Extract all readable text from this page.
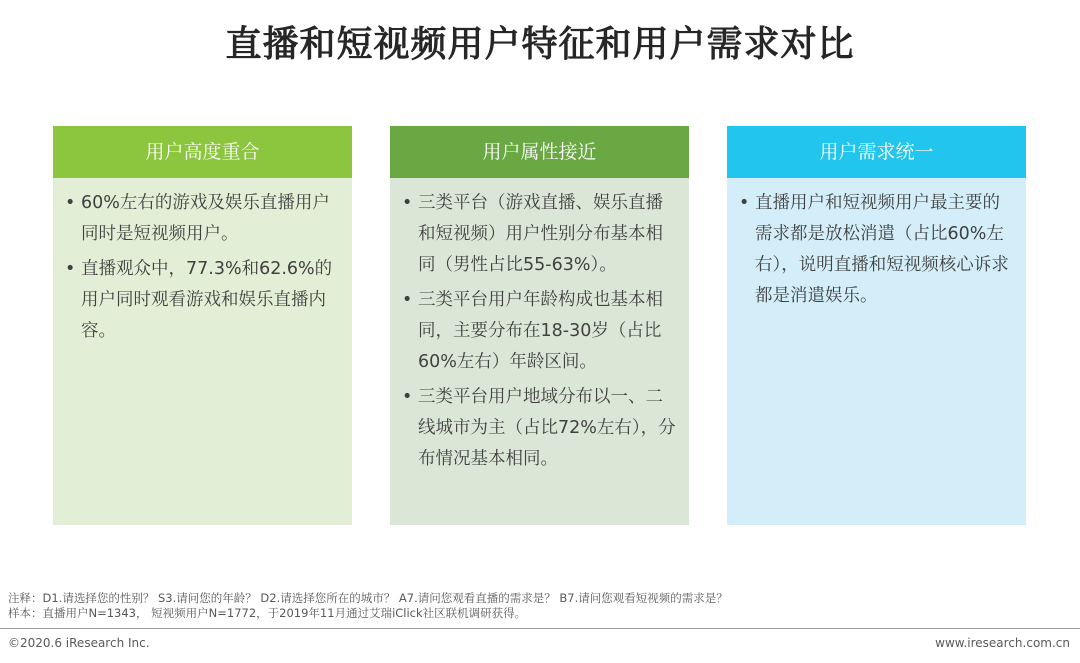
直播和短视频用户特征和用户需求对比
用户高度重合
• 60%左右的游戏及娱乐直播用户同时是短视频用户。
• 直播观众中，77.3%和62.6%的用户同时观看游戏和娱乐直播内容。
用户属性接近
• 三类平台（游戏直播、娱乐直播和短视频）用户性别分布基本相同（男性占比55-63%）。
• 三类平台用户年龄构成也基本相同，主要分布在18-30岁（占比60%左右）年龄区间。
• 三类平台用户地域分布以一、二线城市为主（占比72%左右），分布情况基本相同。
用户需求统一
• 直播用户和短视频用户最主要的需求都是放松消遣（占比60%左右），说明直播和短视频核心诉求都是消遣娱乐。
注释：D1.请选择您的性别？ S3.请问您的年龄？ D2.请选择您所在的城市？ A7.请问您观看直播的需求是？ B7.请问您观看短视频的需求是？
样本：直播用户N=1343， 短视频用户N=1772，于2019年11月通过艾瑞iClick社区联机调研获得。
©2020.6 iResearch Inc.	www.iresearch.com.cn
